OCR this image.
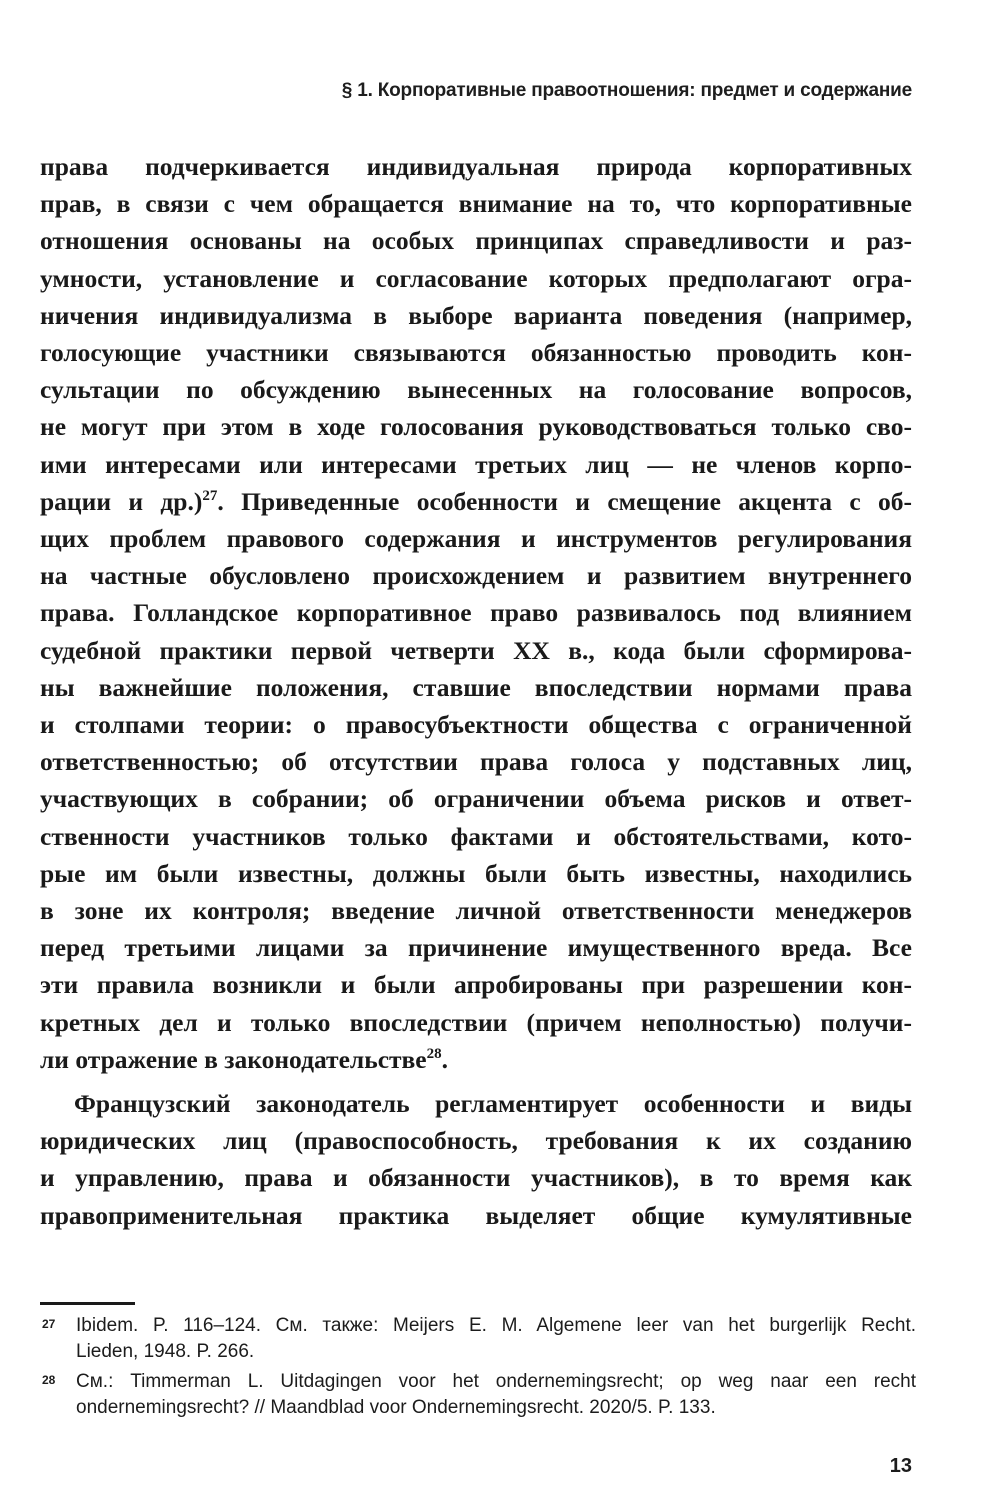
§ 1. Корпоративные правоотношения: предмет и содержание
права подчеркивается индивидуальная природа корпоративных
прав, в связи с чем обращается внимание на то, что корпоративные
отношения основаны на особых принципах справедливости и раз-
умности, установление и согласование которых предполагают огра-
ничения индивидуализма в выборе варианта поведения (например,
голосующие участники связываются обязанностью проводить кон-
сультации по обсуждению вынесенных на голосование вопросов,
не могут при этом в ходе голосования руководствоваться только сво-
ими интересами или интересами третьих лиц — не членов корпо-
рации и др.)$^{27}$. Приведенные особенности и смещение акцента с об-
щих проблем правового содержания и инструментов регулирования
на частные обусловлено происхождением и развитием внутреннего
права. Голландское корпоративное право развивалось под влиянием
судебной практики первой четверти XX в., кода были сформирова-
ны важнейшие положения, ставшие впоследствии нормами права
и столпами теории: о правосубъектности общества с ограниченной
ответственностью; об отсутствии права голоса у подставных лиц,
участвующих в собрании; об ограничении объема рисков и ответ-
ственности участников только фактами и обстоятельствами, кото-
рые им были известны, должны были быть известны, находились
в зоне их контроля; введение личной ответственности менеджеров
перед третьими лицами за причинение имущественного вреда. Все
эти правила возникли и были апробированы при разрешении кон-
кретных дел и только впоследствии (причем неполностью) получи-
ли отражение в законодательстве$^{28}$.
Французский законодатель регламентирует особенности и виды
юридических лиц (правоспособность, требования к их созданию
и управлению, права и обязанности участников), в то время как
правоприменительная практика выделяет общие кумулятивные
27 Ibidem. P. 116–124. См. также: Meijers E. M. Algemene leer van het burgerlijk Recht.
Lieden, 1948. P. 266.
28 См.: Timmerman L. Uitdagingen voor het ondernemingsrecht; op weg naar een recht
ondernemingsrecht? // Maandblad voor Ondernemingsrecht. 2020/5. P. 133.
13
